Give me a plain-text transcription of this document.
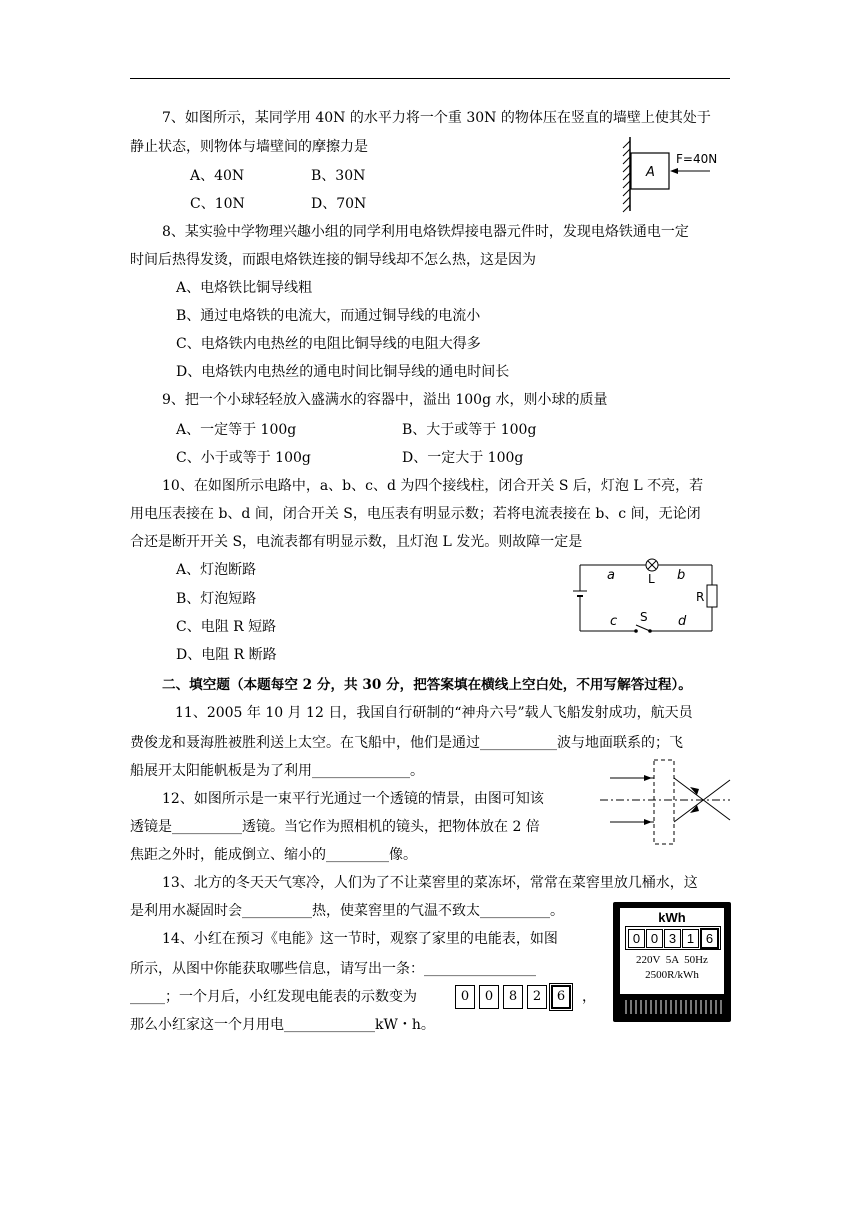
7、如图所示，某同学用 40N 的水平力将一个重 30N 的物体压在竖直的墙壁上使其处于
静止状态，则物体与墙壁间的摩擦力是
A、40N	B、30N
C、10N	D、70N
A
F=40N
8、某实验中学物理兴趣小组的同学利用电烙铁焊接电器元件时，发现电烙铁通电一定
时间后热得发烫，而跟电烙铁连接的铜导线却不怎么热，这是因为
A、电烙铁比铜导线粗
B、通过电烙铁的电流大，而通过铜导线的电流小
C、电烙铁内电热丝的电阻比铜导线的电阻大得多
D、电烙铁内电热丝的通电时间比铜导线的通电时间长
9、把一个小球轻轻放入盛满水的容器中，溢出 100g 水，则小球的质量
A、一定等于 100g	B、大于或等于 100g
C、小于或等于 100g	D、一定大于 100g
10、在如图所示电路中，a、b、c、d 为四个接线柱，闭合开关 S 后，灯泡 L 不亮，若
用电压表接在 b、d 间，闭合开关 S，电压表有明显示数；若将电流表接在 b、c 间，无论闭
合还是断开开关 S，电流表都有明显示数，且灯泡 L 发光。则故障一定是
A、灯泡断路
B、灯泡短路
C、电阻 R 短路
D、电阻 R 断路
a	L b
R
c S d
二、填空题（本题每空 2 分，共 30 分，把答案填在横线上空白处，不用写解答过程）。
11、2005 年 10 月 12 日，我国自行研制的“神舟六号”载人飞船发射成功，航天员
费俊龙和聂海胜被胜利送上太空。在飞船中，他们是通过___________波与地面联系的；飞
船展开太阳能帆板是为了利用______________。
12、如图所示是一束平行光通过一个透镜的情景，由图可知该
透镜是__________透镜。当它作为照相机的镜头，把物体放在 2 倍
焦距之外时，能成倒立、缩小的_________像。
13、北方的冬天天气寒冷，人们为了不让菜窖里的菜冻坏，常常在菜窖里放几桶水，这
是利用水凝固时会__________热，使菜窖里的气温不致太__________。
14、小红在预习《电能》这一节时，观察了家里的电能表，如图
所示，从图中你能获取哪些信息，请写出一条：________________
_____；一个月后，小红发现电能表的示数变为	0	0	8	2	6	，
那么小红家这一个月用电_____________kW・h。
kWh
0 0 3 1 6
220V  5A  50Hz
2500R/kWh
